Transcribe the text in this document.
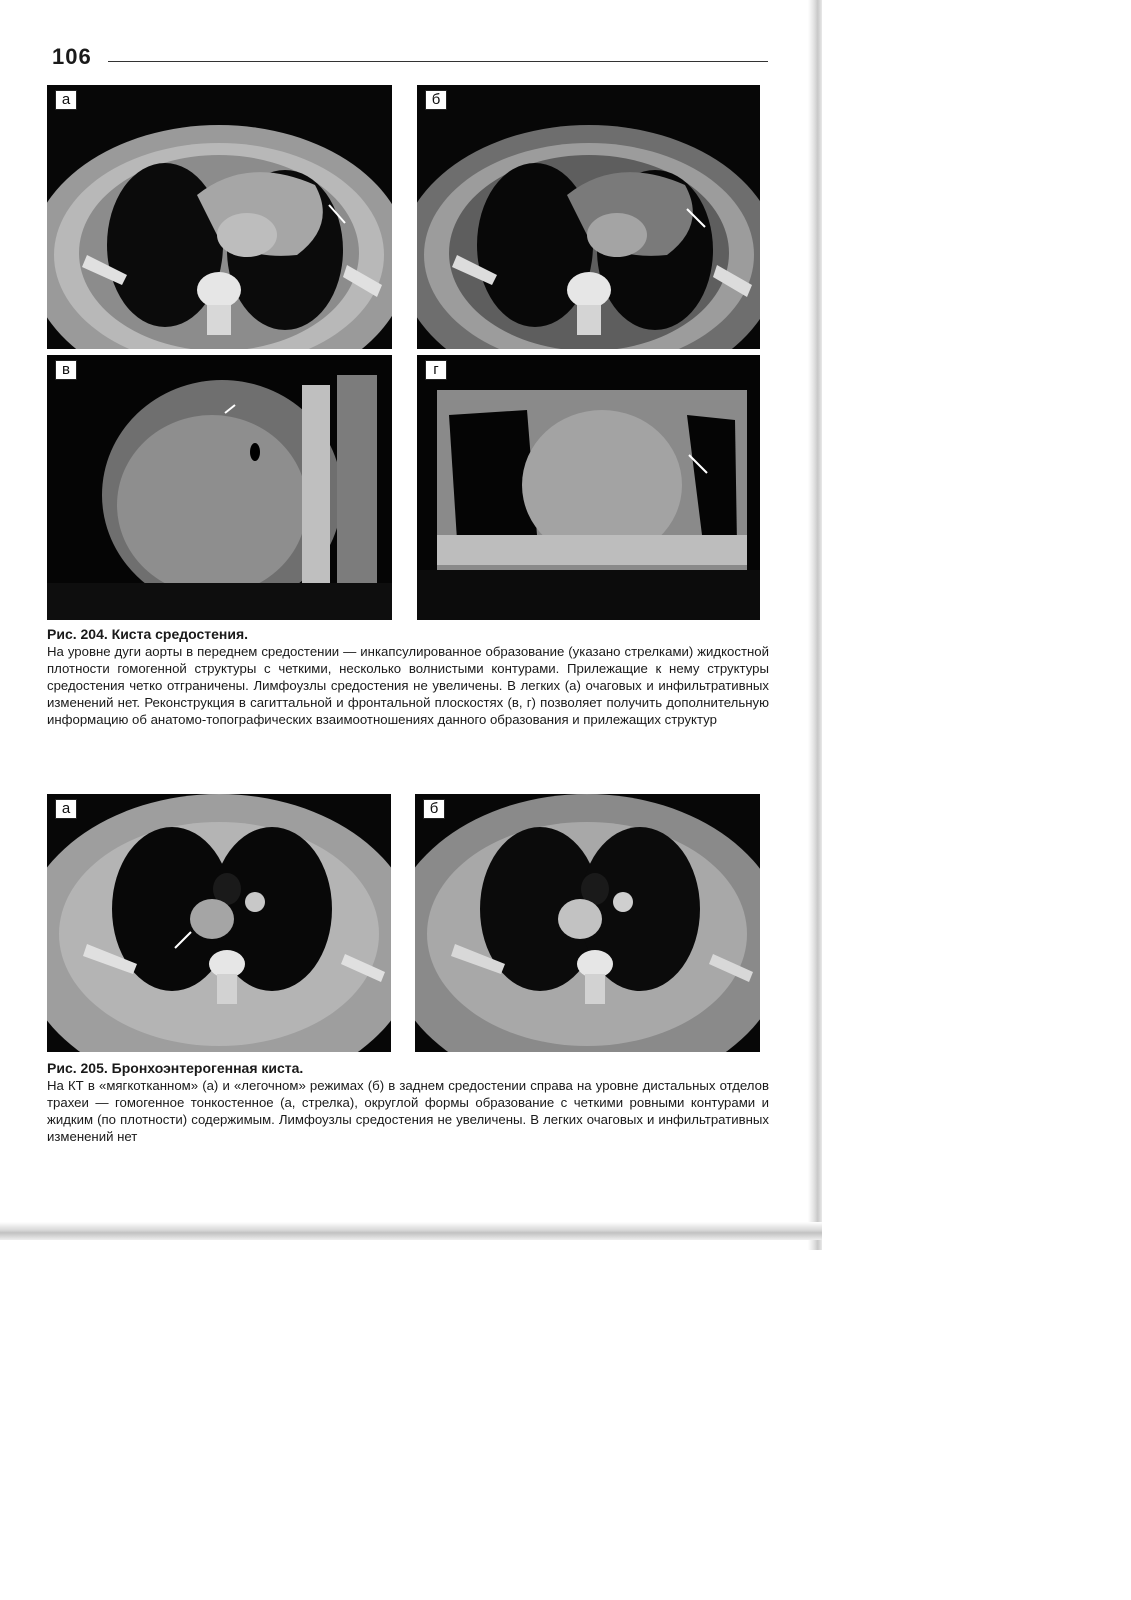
106
а	б
в	г
Рис. 204. Киста средостения.
На уровне дуги аорты в переднем средостении — инкапсулированное образование (указано стрелками) жидкостной плотности гомогенной структуры с четкими, несколько волнистыми контурами. Прилежащие к нему структуры средостения четко отграничены. Лимфоузлы средостения не увеличены. В легких (а) очаговых и инфильтративных изменений нет. Реконструкция в сагиттальной и фронтальной плоскостях (в, г) позволяет получить дополнительную информацию об анатомо-топографических взаимоотношениях данного образования и прилежащих структур
а	б
Рис. 205. Бронхоэнтерогенная киста.
На КТ в «мягкотканном» (а) и «легочном» режимах (б) в заднем средостении справа на уровне дистальных отделов трахеи — гомогенное тонкостенное (а, стрелка), округлой формы образование с четкими ровными контурами и жидким (по плотности) содержимым. Лимфоузлы средостения не увеличены. В легких очаговых и инфильтративных изменений нет
